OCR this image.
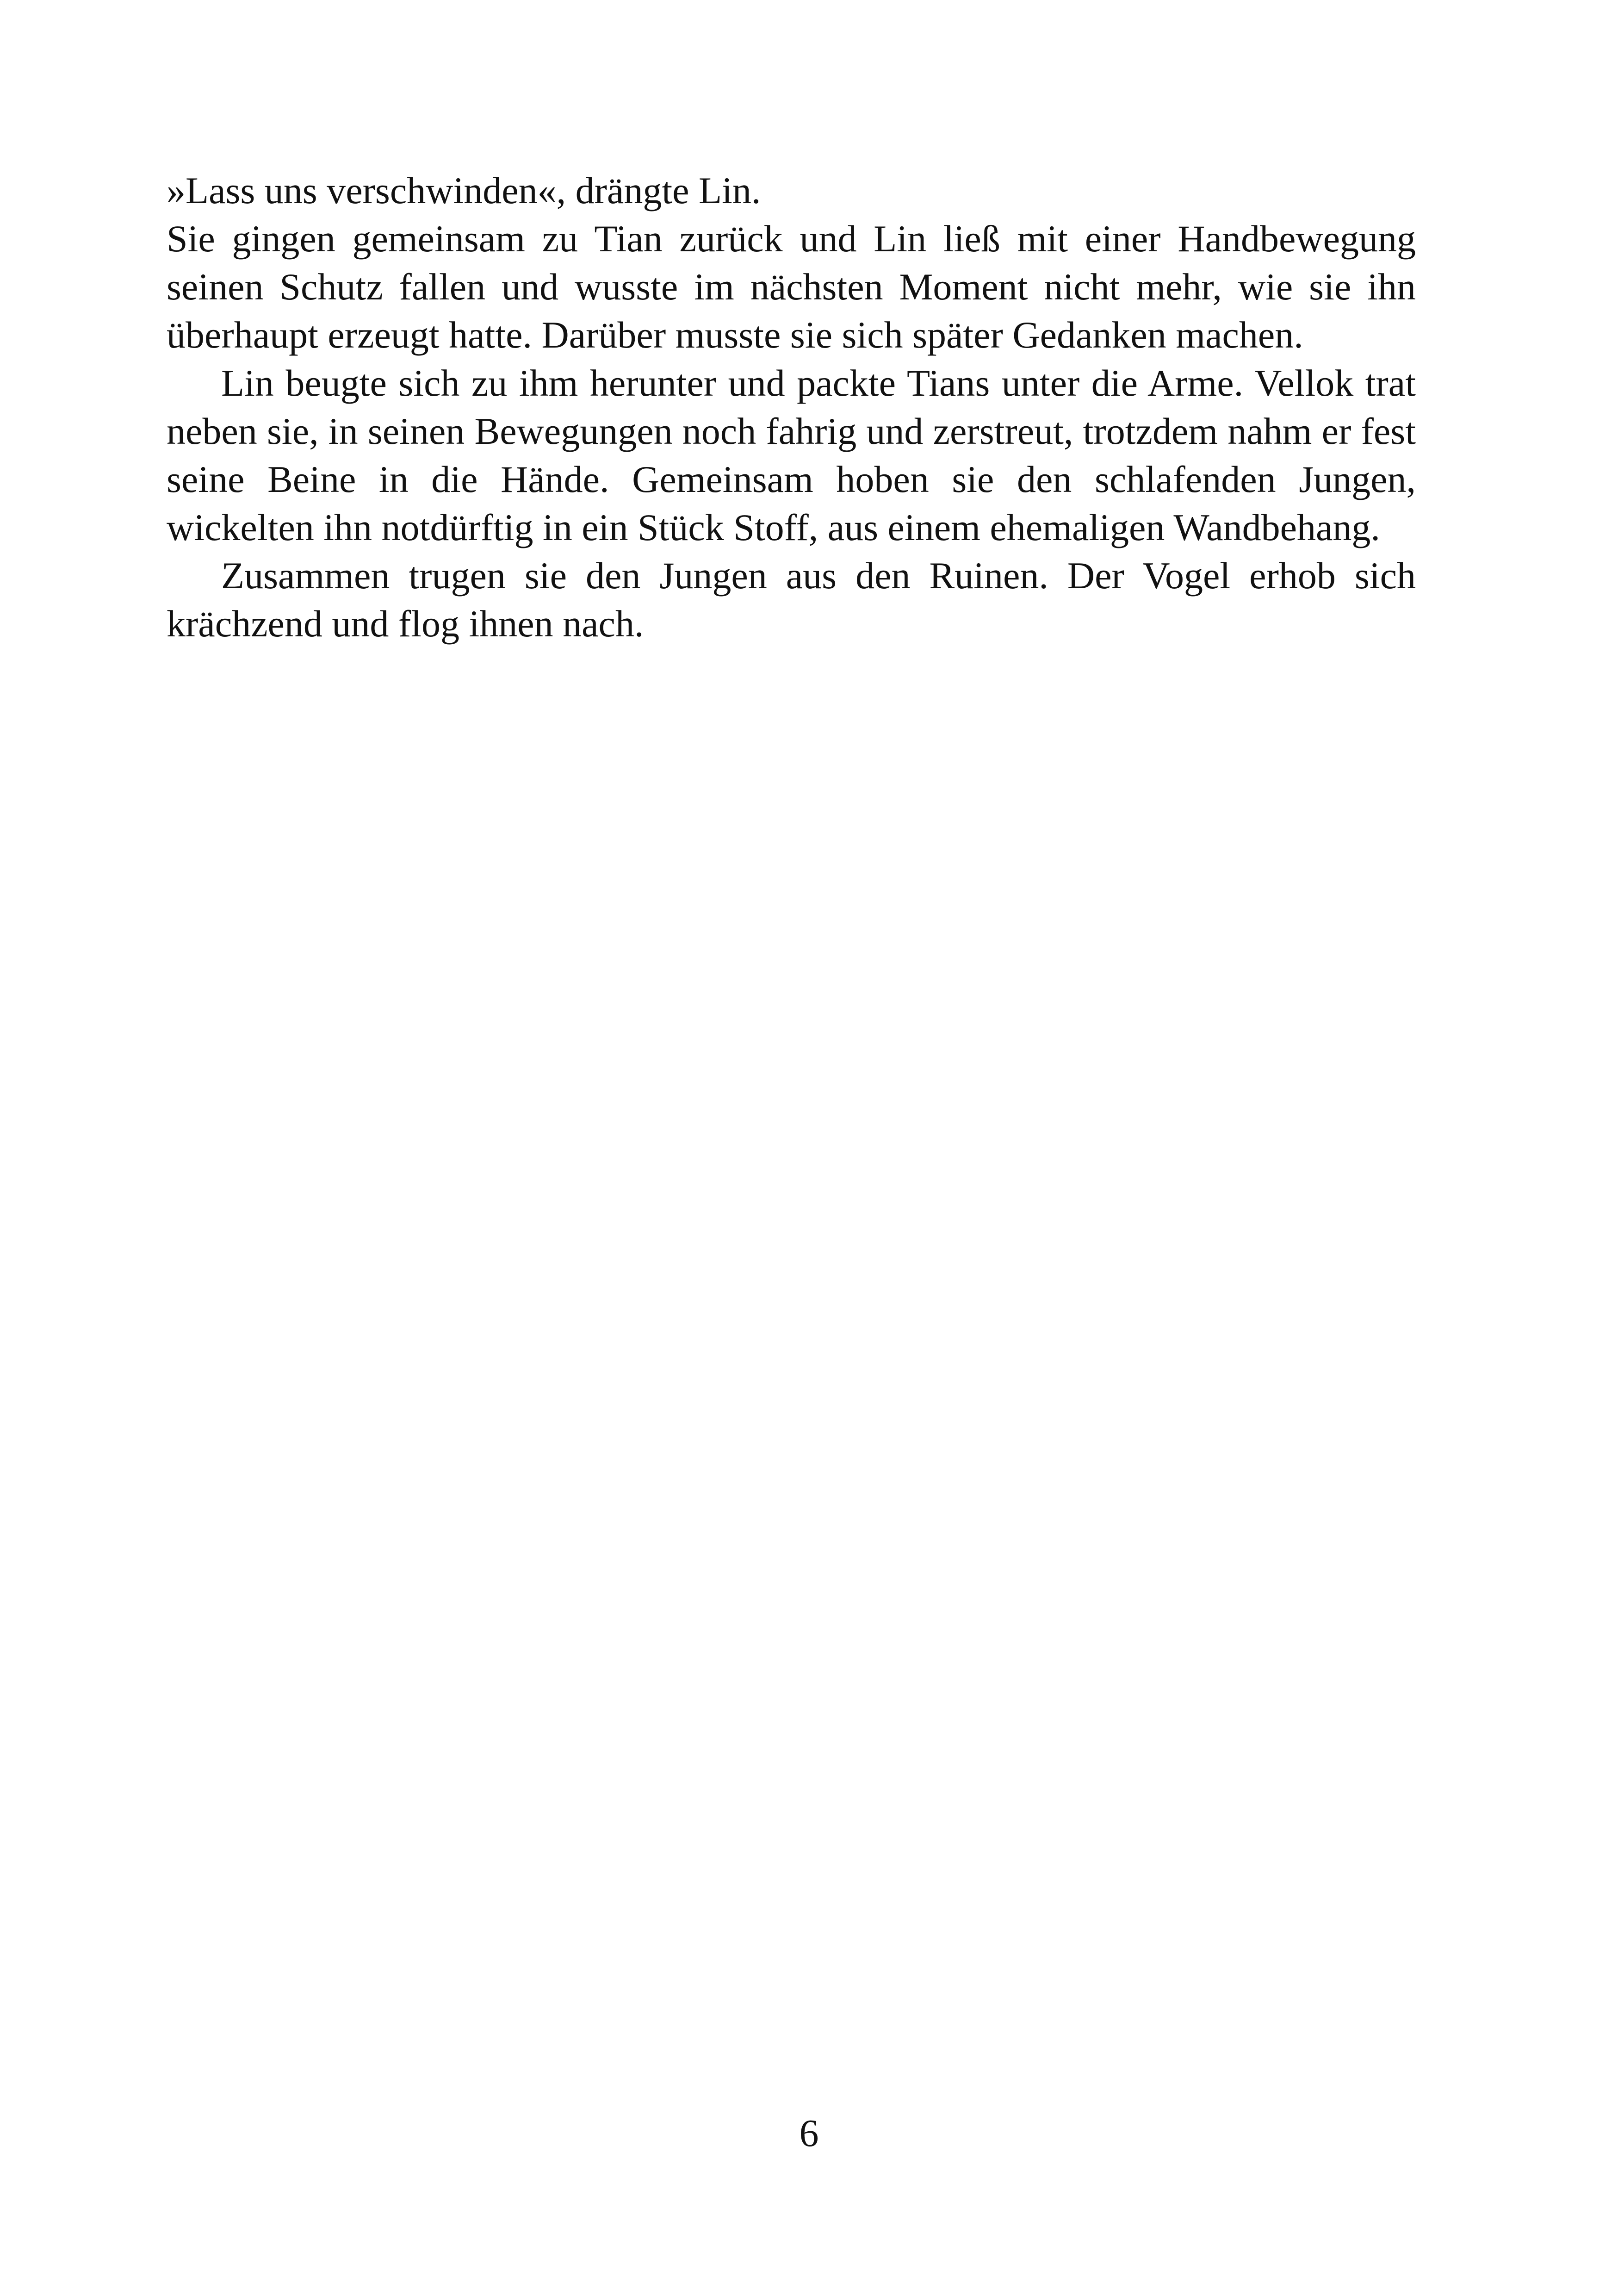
»Lass uns verschwinden«, drängte Lin.

Sie gingen gemeinsam zu Tian zurück und Lin ließ mit einer Handbewegung seinen Schutz fallen und wusste im nächsten Moment nicht mehr, wie sie ihn überhaupt erzeugt hatte. Darüber musste sie sich später Gedanken machen.

Lin beugte sich zu ihm herunter und packte Tians unter die Arme. Vellok trat neben sie, in seinen Bewegungen noch fahrig und zerstreut, trotzdem nahm er fest seine Beine in die Hände. Gemeinsam hoben sie den schlafenden Jungen, wickelten ihn notdürftig in ein Stück Stoff, aus einem ehemaligen Wandbehang.

Zusammen trugen sie den Jungen aus den Ruinen. Der Vogel erhob sich krächzend und flog ihnen nach.

6
